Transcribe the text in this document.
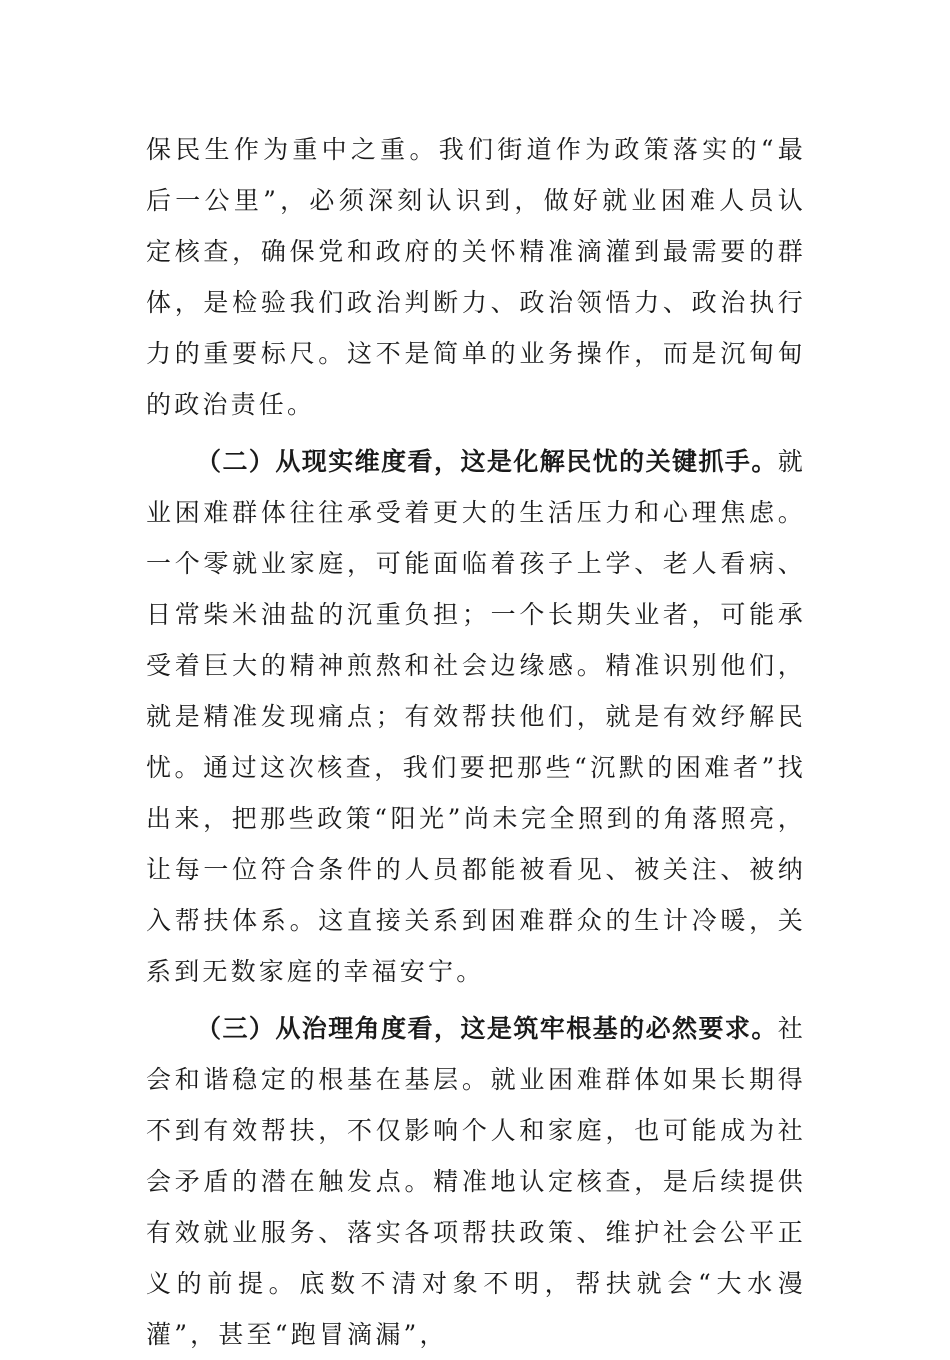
保民生作为重中之重。我们街道作为政策落实的“最后一公里”，必须深刻认识到，做好就业困难人员认定核查，确保党和政府的关怀精准滴灌到最需要的群体，是检验我们政治判断力、政治领悟力、政治执行力的重要标尺。这不是简单的业务操作，而是沉甸甸的政治责任。

（二）从现实维度看，这是化解民忧的关键抓手。就业困难群体往往承受着更大的生活压力和心理焦虑。一个零就业家庭，可能面临着孩子上学、老人看病、日常柴米油盐的沉重负担；一个长期失业者，可能承受着巨大的精神煎熬和社会边缘感。精准识别他们，就是精准发现痛点；有效帮扶他们，就是有效纾解民忧。通过这次核查，我们要把那些“沉默的困难者”找出来，把那些政策“阳光”尚未完全照到的角落照亮，让每一位符合条件的人员都能被看见、被关注、被纳入帮扶体系。这直接关系到困难群众的生计冷暖，关系到无数家庭的幸福安宁。

（三）从治理角度看，这是筑牢根基的必然要求。社会和谐稳定的根基在基层。就业困难群体如果长期得不到有效帮扶，不仅影响个人和家庭，也可能成为社会矛盾的潜在触发点。精准地认定核查，是后续提供有效就业服务、落实各项帮扶政策、维护社会公平正义的前提。底数不清对象不明，帮扶就会“大水漫灌”，甚至“跑冒滴漏”，
